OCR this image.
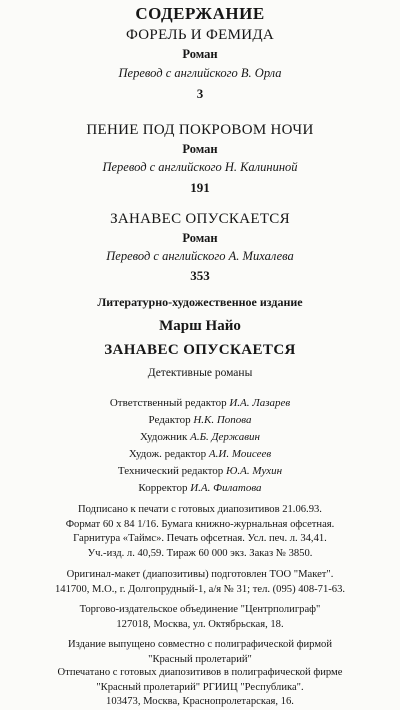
СОДЕРЖАНИЕ
ФОРЕЛЬ И ФЕМИДА
Роман
Перевод с английского В. Орла
3
ПЕНИЕ ПОД ПОКРОВОМ НОЧИ
Роман
Перевод с английского Н. Калининой
191
ЗАНАВЕС ОПУСКАЕТСЯ
Роман
Перевод с английского А. Михалева
353
Литературно-художественное издание
Марш Найо
ЗАНАВЕС ОПУСКАЕТСЯ
Детективные романы
Ответственный редактор И.А. Лазарев
Редактор Н.К. Попова
Художник А.Б. Державин
Худож. редактор А.И. Моисеев
Технический редактор Ю.А. Мухин
Корректор И.А. Филатова
Подписано к печати с готовых диапозитивов 21.06.93.
Формат 60 х 84 1/16. Бумага книжно-журнальная офсетная.
Гарнитура «Таймс». Печать офсетная. Усл. печ. л. 34,41.
Уч.-изд. л. 40,59. Тираж 60 000 экз. Заказ № 3850.
Оригинал-макет (диапозитивы) подготовлен ТОО "Макет".
141700, М.О., г. Долгопрудный-1, а/я № 31; тел. (095) 408-71-63.
Торгово-издательское объединение "Центрполиграф"
127018, Москва, ул. Октябрьская, 18.
Издание выпущено совместно с полиграфической фирмой
"Красный пролетарий"
Отпечатано с готовых диапозитивов в полиграфической фирме
"Красный пролетарий" РГИИЦ "Республика".
103473, Москва, Краснопролетарская, 16.
